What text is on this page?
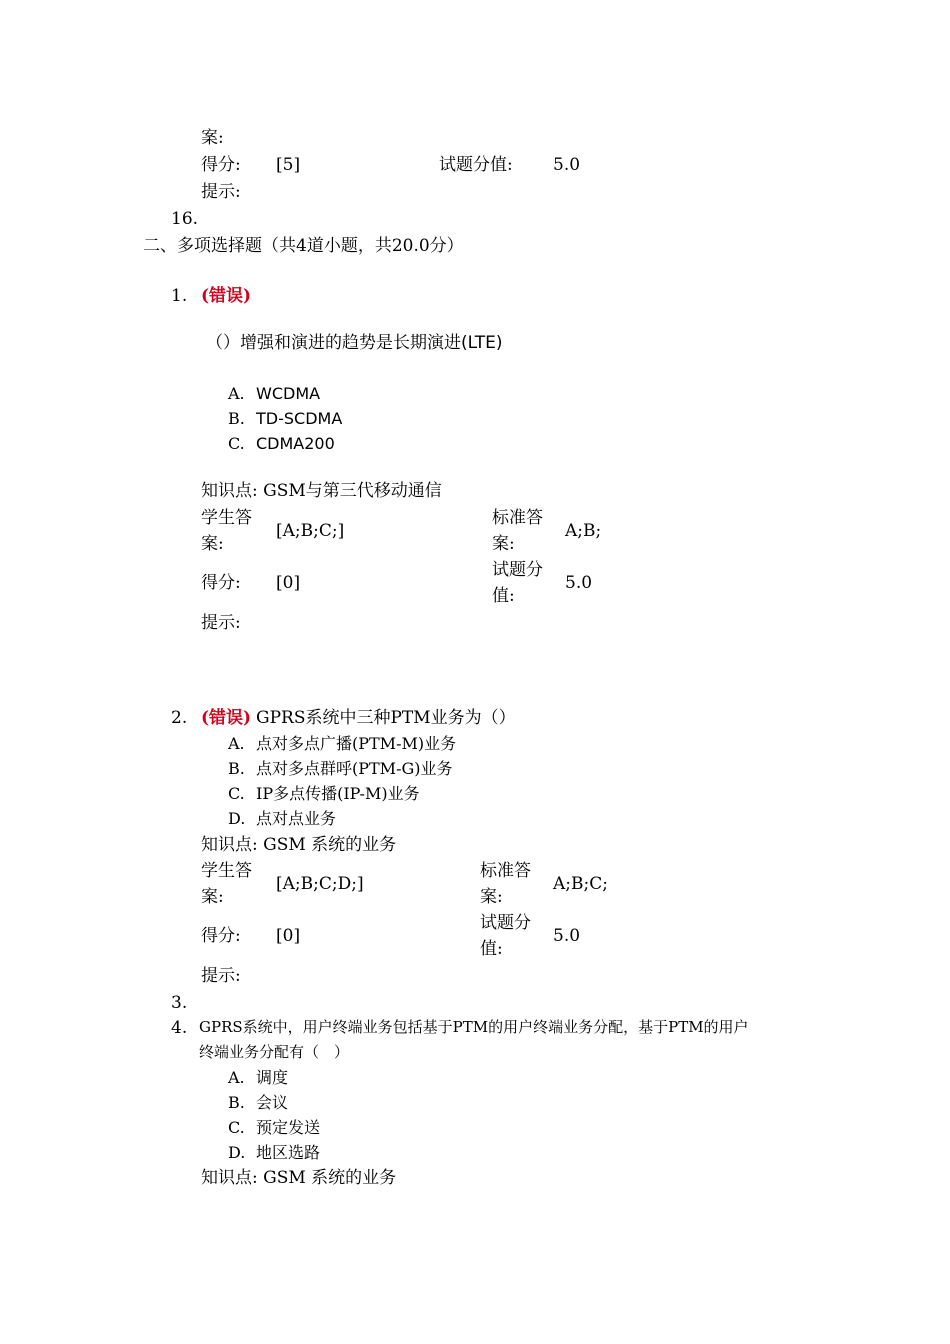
案:
得分: [5]	试题分值: 5.0
提示:
16.
二、多项选择题（共4道小题，共20.0分）
1. (错误)
（）增强和演进的趋势是长期演进(LTE)
A. WCDMA
B. TD-SCDMA
C. CDMA200
知识点: GSM与第三代移动通信
学生答
案:
[A;B;C;]
标准答
案:
A;B;
得分: [0]
试题分
值:
5.0
提示:
2. (错误) GPRS系统中三种PTM业务为（）
A. 点对多点广播(PTM-M)业务
B. 点对多点群呼(PTM-G)业务
C. IP多点传播(IP-M)业务
D. 点对点业务
知识点: GSM 系统的业务
学生答
案:
[A;B;C;D;]
标准答
案:
A;B;C;
得分: [0]
试题分
值:
5.0
提示:
3.
4. GPRS系统中，用户终端业务包括基于PTM的用户终端业务分配，基于PTM的用户
终端业务分配有（　）
A. 调度
B. 会议
C. 预定发送
D. 地区选路
知识点: GSM 系统的业务
